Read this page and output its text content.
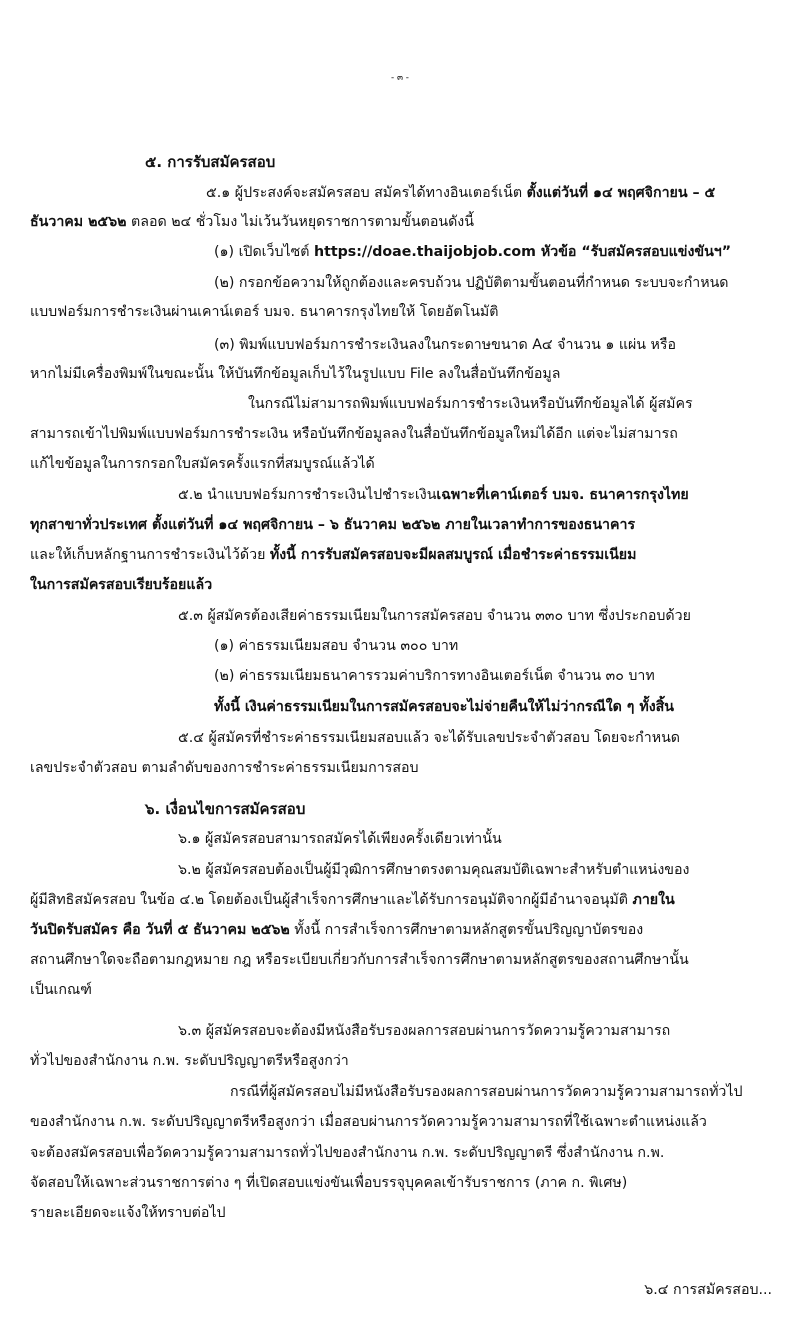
- ๓ -
๕. การรับสมัครสอบ
๕.๑ ผู้ประสงค์จะสมัครสอบ สมัครได้ทางอินเตอร์เน็ต ตั้งแต่วันที่ ๑๔ พฤศจิกายน – ๕
ธันวาคม ๒๕๖๒ ตลอด ๒๔ ชั่วโมง ไม่เว้นวันหยุดราชการตามขั้นตอนดังนี้
(๑) เปิดเว็บไซต์ https://doae.thaijobjob.com หัวข้อ “รับสมัครสอบแข่งขันฯ”
(๒) กรอกข้อความให้ถูกต้องและครบถ้วน ปฏิบัติตามขั้นตอนที่กำหนด ระบบจะกำหนด
แบบฟอร์มการชำระเงินผ่านเคาน์เตอร์ บมจ. ธนาคารกรุงไทยให้ โดยอัตโนมัติ
(๓) พิมพ์แบบฟอร์มการชำระเงินลงในกระดาษขนาด A๔ จำนวน ๑ แผ่น หรือ
หากไม่มีเครื่องพิมพ์ในขณะนั้น ให้บันทึกข้อมูลเก็บไว้ในรูปแบบ File ลงในสื่อบันทึกข้อมูล
ในกรณีไม่สามารถพิมพ์แบบฟอร์มการชำระเงินหรือบันทึกข้อมูลได้ ผู้สมัคร
สามารถเข้าไปพิมพ์แบบฟอร์มการชำระเงิน หรือบันทึกข้อมูลลงในสื่อบันทึกข้อมูลใหม่ได้อีก แต่จะไม่สามารถ
แก้ไขข้อมูลในการกรอกใบสมัครครั้งแรกที่สมบูรณ์แล้วได้
๕.๒ นำแบบฟอร์มการชำระเงินไปชำระเงินเฉพาะที่เคาน์เตอร์ บมจ. ธนาคารกรุงไทย
ทุกสาขาทั่วประเทศ ตั้งแต่วันที่ ๑๔ พฤศจิกายน – ๖ ธันวาคม ๒๕๖๒ ภายในเวลาทำการของธนาคาร
และให้เก็บหลักฐานการชำระเงินไว้ด้วย ทั้งนี้ การรับสมัครสอบจะมีผลสมบูรณ์ เมื่อชำระค่าธรรมเนียม
ในการสมัครสอบเรียบร้อยแล้ว
๕.๓ ผู้สมัครต้องเสียค่าธรรมเนียมในการสมัครสอบ จำนวน ๓๓๐ บาท ซึ่งประกอบด้วย
(๑) ค่าธรรมเนียมสอบ จำนวน ๓๐๐ บาท
(๒) ค่าธรรมเนียมธนาคารรวมค่าบริการทางอินเตอร์เน็ต จำนวน ๓๐ บาท
ทั้งนี้ เงินค่าธรรมเนียมในการสมัครสอบจะไม่จ่ายคืนให้ไม่ว่ากรณีใด ๆ ทั้งสิ้น
๕.๔ ผู้สมัครที่ชำระค่าธรรมเนียมสอบแล้ว จะได้รับเลขประจำตัวสอบ โดยจะกำหนด
เลขประจำตัวสอบ ตามลำดับของการชำระค่าธรรมเนียมการสอบ
๖. เงื่อนไขการสมัครสอบ
๖.๑ ผู้สมัครสอบสามารถสมัครได้เพียงครั้งเดียวเท่านั้น
๖.๒ ผู้สมัครสอบต้องเป็นผู้มีวุฒิการศึกษาตรงตามคุณสมบัติเฉพาะสำหรับตำแหน่งของ
ผู้มีสิทธิสมัครสอบ ในข้อ ๔.๒ โดยต้องเป็นผู้สำเร็จการศึกษาและได้รับการอนุมัติจากผู้มีอำนาจอนุมัติ ภายใน
วันปิดรับสมัคร คือ วันที่ ๕ ธันวาคม ๒๕๖๒ ทั้งนี้ การสำเร็จการศึกษาตามหลักสูตรขั้นปริญญาบัตรของ
สถานศึกษาใดจะถือตามกฎหมาย กฎ หรือระเบียบเกี่ยวกับการสำเร็จการศึกษาตามหลักสูตรของสถานศึกษานั้น
เป็นเกณฑ์
๖.๓ ผู้สมัครสอบจะต้องมีหนังสือรับรองผลการสอบผ่านการวัดความรู้ความสามารถ
ทั่วไปของสำนักงาน ก.พ. ระดับปริญญาตรีหรือสูงกว่า
กรณีที่ผู้สมัครสอบไม่มีหนังสือรับรองผลการสอบผ่านการวัดความรู้ความสามารถทั่วไป
ของสำนักงาน ก.พ. ระดับปริญญาตรีหรือสูงกว่า เมื่อสอบผ่านการวัดความรู้ความสามารถที่ใช้เฉพาะตำแหน่งแล้ว
จะต้องสมัครสอบเพื่อวัดความรู้ความสามารถทั่วไปของสำนักงาน ก.พ. ระดับปริญญาตรี ซึ่งสำนักงาน ก.พ.
จัดสอบให้เฉพาะส่วนราชการต่าง ๆ ที่เปิดสอบแข่งขันเพื่อบรรจุบุคคลเข้ารับราชการ (ภาค ก. พิเศษ)
รายละเอียดจะแจ้งให้ทราบต่อไป
๖.๔ การสมัครสอบ...
